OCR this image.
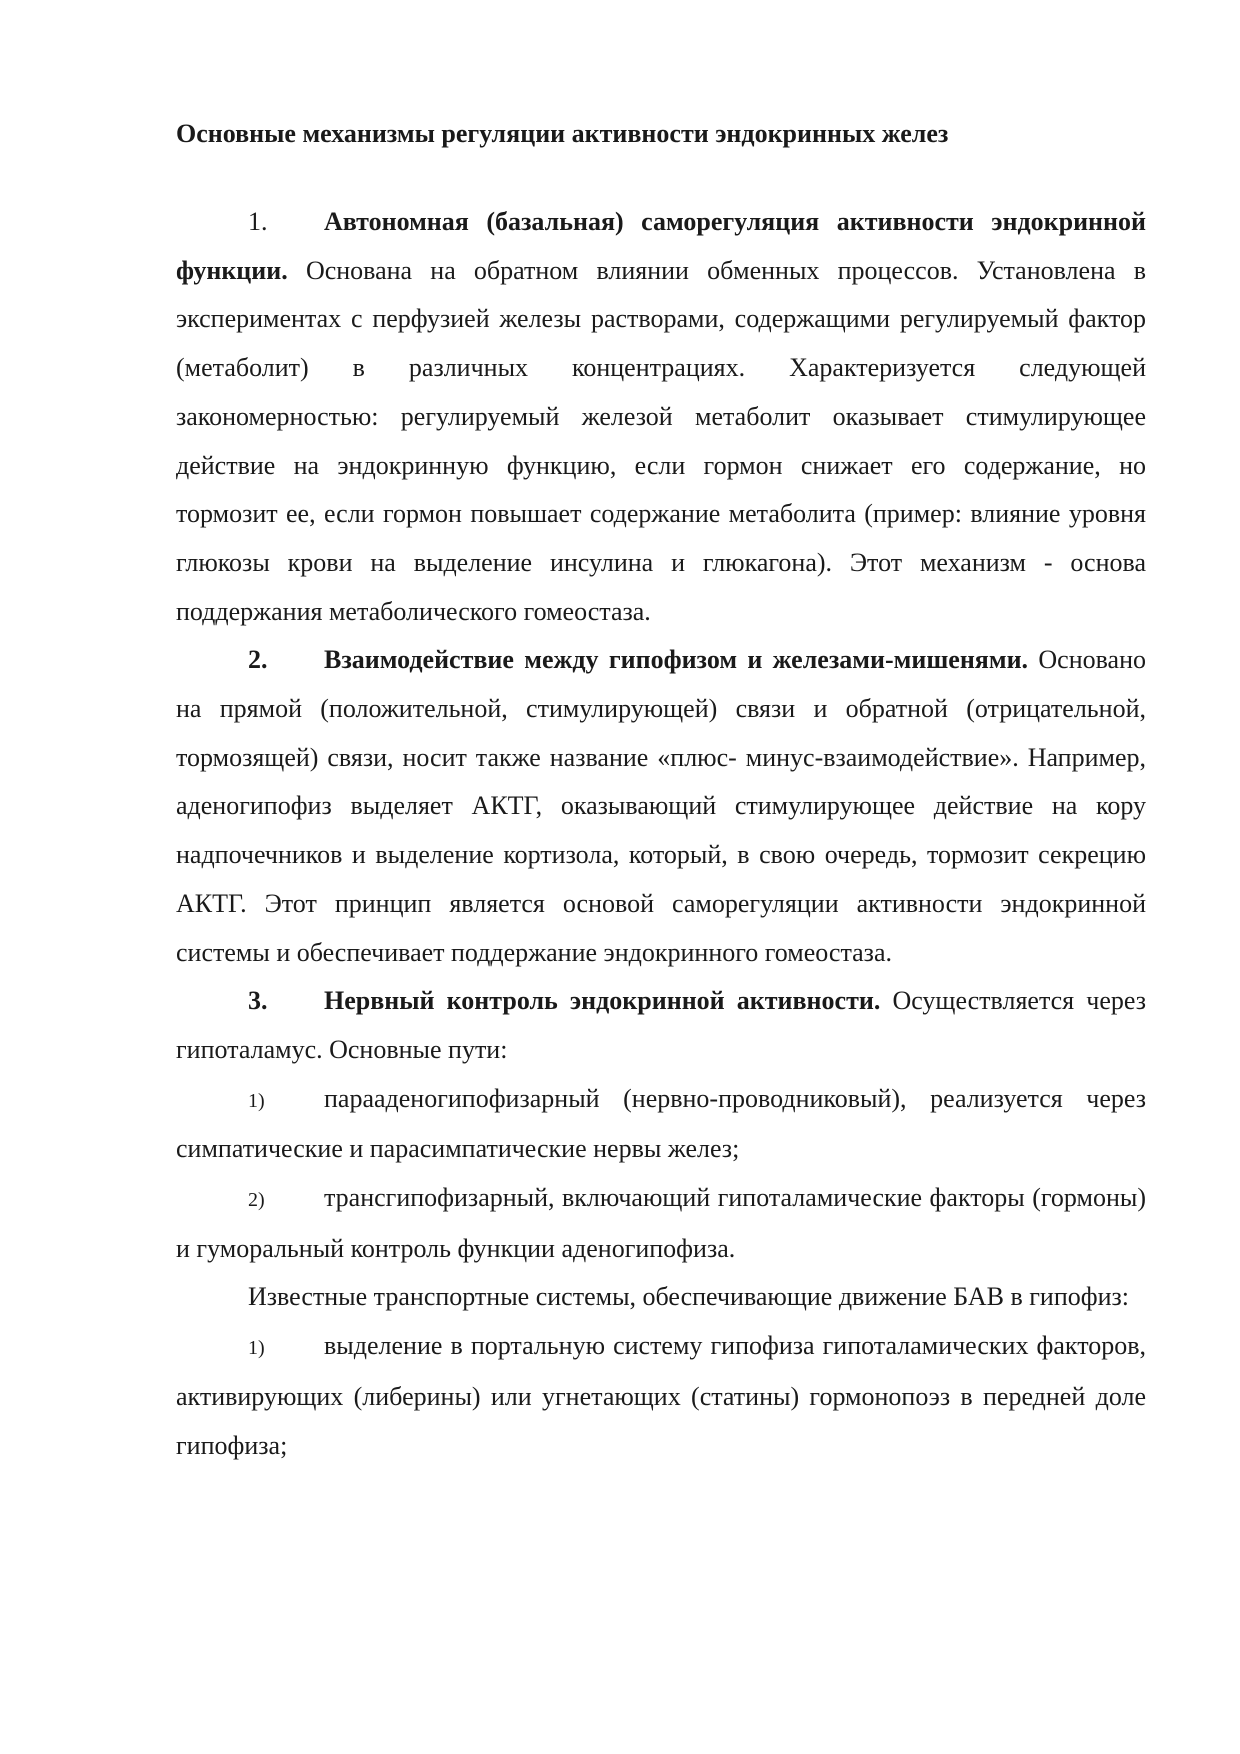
Основные механизмы регуляции активности эндокринных желез

1. Автономная (базальная) саморегуляция активности эндокринной функции. Основана на обратном влиянии обменных процессов. Установлена в экспериментах с перфузией железы растворами, содержащими регулируемый фактор (метаболит) в различных концентрациях. Характеризуется следующей закономерностью: регулируемый железой метаболит оказывает стимулирующее действие на эндокринную функцию, если гормон снижает его содержание, но тормозит ее, если гормон повышает содержание метаболита (пример: влияние уровня глюкозы крови на выделение инсулина и глюкагона). Этот механизм - основа поддержания метаболического гомеостаза.

2. Взаимодействие между гипофизом и железами-мишенями. Основано на прямой (положительной, стимулирующей) связи и обратной (отрицательной, тормозящей) связи, носит также название «плюс- минус-взаимодействие». Например, аденогипофиз выделяет АКТГ, оказывающий стимулирующее действие на кору надпочечников и выделение кортизола, который, в свою очередь, тормозит секрецию АКТГ. Этот принцип является основой саморегуляции активности эндокринной системы и обеспечивает поддержание эндокринного гомеостаза.

3. Нервный контроль эндокринной активности. Осуществляется через гипоталамус. Основные пути:

1) парааденогипофизарный (нервно-проводниковый), реализуется через симпатические и парасимпатические нервы желез;

2) трансгипофизарный, включающий гипоталамические факторы (гормоны) и гуморальный контроль функции аденогипофиза.

Известные транспортные системы, обеспечивающие движение БАВ в гипофиз:

1) выделение в портальную систему гипофиза гипоталамических факторов, активирующих (либерины) или угнетающих (статины) гормонопоэз в передней доле гипофиза;
